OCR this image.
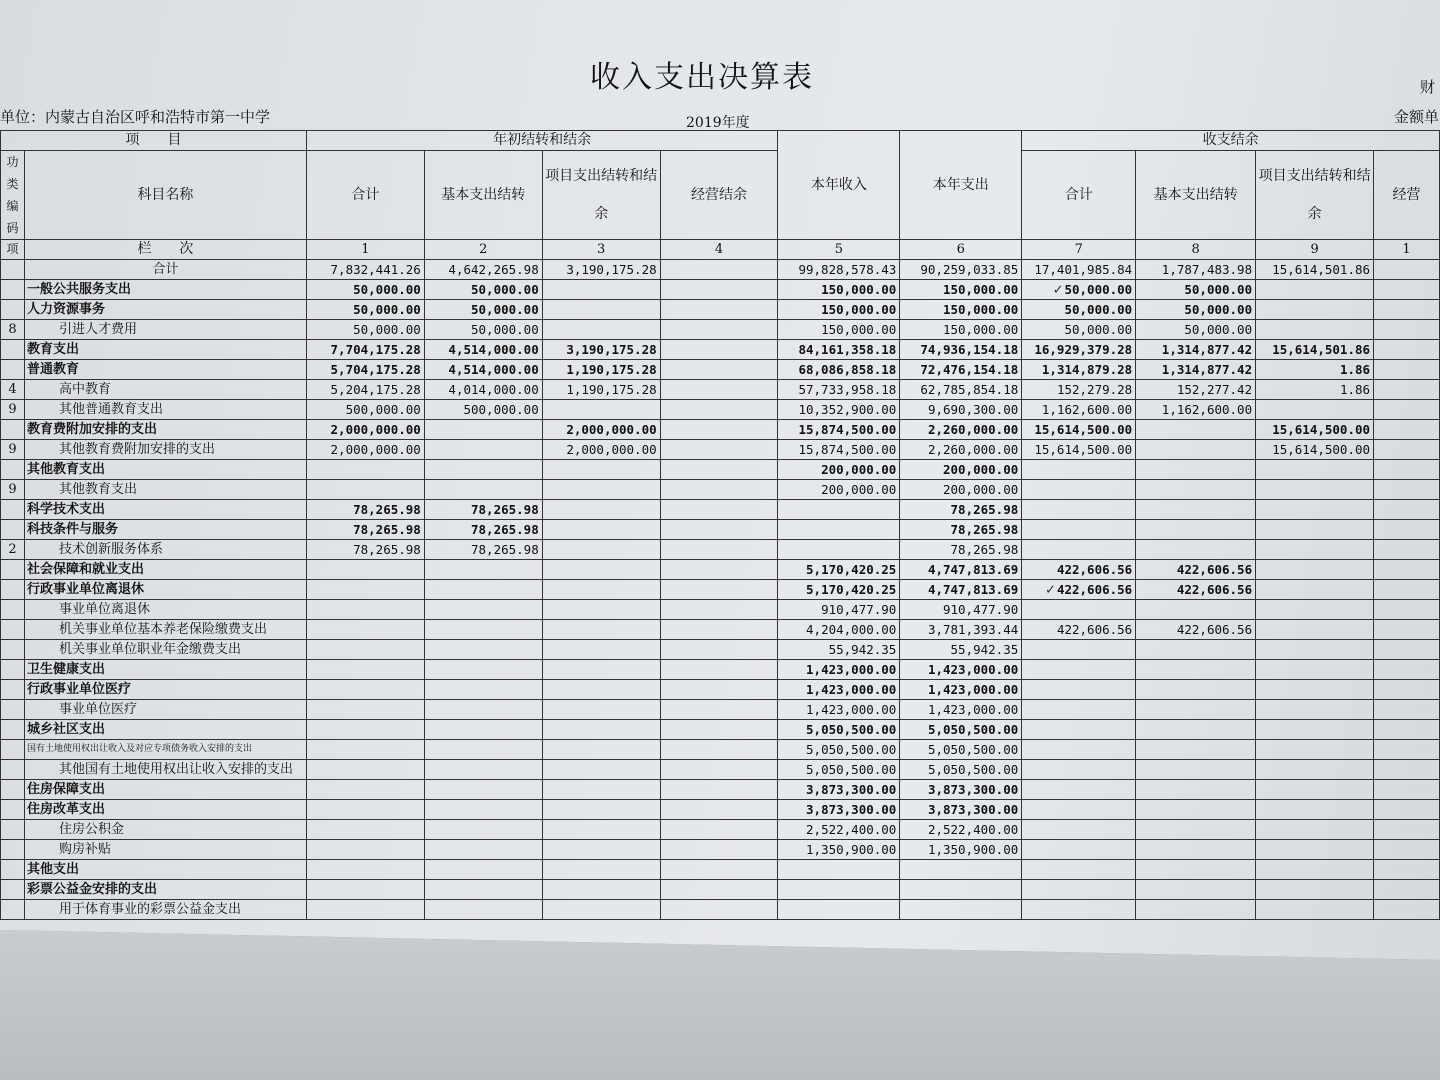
收入支出决算表
单位：内蒙古自治区呼和浩特市第一中学	2019年度
财
金额单
项　　目		年初结转和结余				本年收入	本年支出	收支结余			
功类编码	科目名称	合计	基本支出结转	项目支出结转和结余	经营结余			合计	基本支出结转	项目支出结转和结余	经营
项	栏　　次	1	2	3	4	5	6	7	8	9	1
	合计	7,832,441.26	4,642,265.98	3,190,175.28		99,828,578.43	90,259,033.85	17,401,985.84	1,787,483.98	15,614,501.86	
	一般公共服务支出	50,000.00	50,000.00			150,000.00	150,000.00	✓ 50,000.00	50,000.00		
	人力资源事务	50,000.00	50,000.00			150,000.00	150,000.00	50,000.00	50,000.00		
8	引进人才费用	50,000.00	50,000.00			150,000.00	150,000.00	50,000.00	50,000.00		
	教育支出	7,704,175.28	4,514,000.00	3,190,175.28		84,161,358.18	74,936,154.18	16,929,379.28	1,314,877.42	15,614,501.86	
	普通教育	5,704,175.28	4,514,000.00	1,190,175.28		68,086,858.18	72,476,154.18	1,314,879.28	1,314,877.42	1.86	
4	高中教育	5,204,175.28	4,014,000.00	1,190,175.28		57,733,958.18	62,785,854.18	152,279.28	152,277.42	1.86	
9	其他普通教育支出	500,000.00	500,000.00			10,352,900.00	9,690,300.00	1,162,600.00	1,162,600.00		
	教育费附加安排的支出	2,000,000.00		2,000,000.00		15,874,500.00	2,260,000.00	15,614,500.00		15,614,500.00	
9	其他教育费附加安排的支出	2,000,000.00		2,000,000.00		15,874,500.00	2,260,000.00	15,614,500.00		15,614,500.00	
	其他教育支出					200,000.00	200,000.00				
9	其他教育支出					200,000.00	200,000.00				
	科学技术支出	78,265.98	78,265.98				78,265.98				
	科技条件与服务	78,265.98	78,265.98				78,265.98				
2	技术创新服务体系	78,265.98	78,265.98				78,265.98				
	社会保障和就业支出					5,170,420.25	4,747,813.69	422,606.56	422,606.56		
	行政事业单位离退休					5,170,420.25	4,747,813.69	✓ 422,606.56	422,606.56		
	事业单位离退休					910,477.90	910,477.90				
	机关事业单位基本养老保险缴费支出					4,204,000.00	3,781,393.44	422,606.56	422,606.56		
	机关事业单位职业年金缴费支出					55,942.35	55,942.35				
	卫生健康支出					1,423,000.00	1,423,000.00				
	行政事业单位医疗					1,423,000.00	1,423,000.00				
	事业单位医疗					1,423,000.00	1,423,000.00				
	城乡社区支出					5,050,500.00	5,050,500.00				
	国有土地使用权出让收入及对应专项债务收入安排的支出					5,050,500.00	5,050,500.00				
	其他国有土地使用权出让收入安排的支出					5,050,500.00	5,050,500.00				
	住房保障支出					3,873,300.00	3,873,300.00				
	住房改革支出					3,873,300.00	3,873,300.00				
	住房公积金					2,522,400.00	2,522,400.00				
	购房补贴					1,350,900.00	1,350,900.00				
	其他支出										
	彩票公益金安排的支出										
	用于体育事业的彩票公益金支出										
